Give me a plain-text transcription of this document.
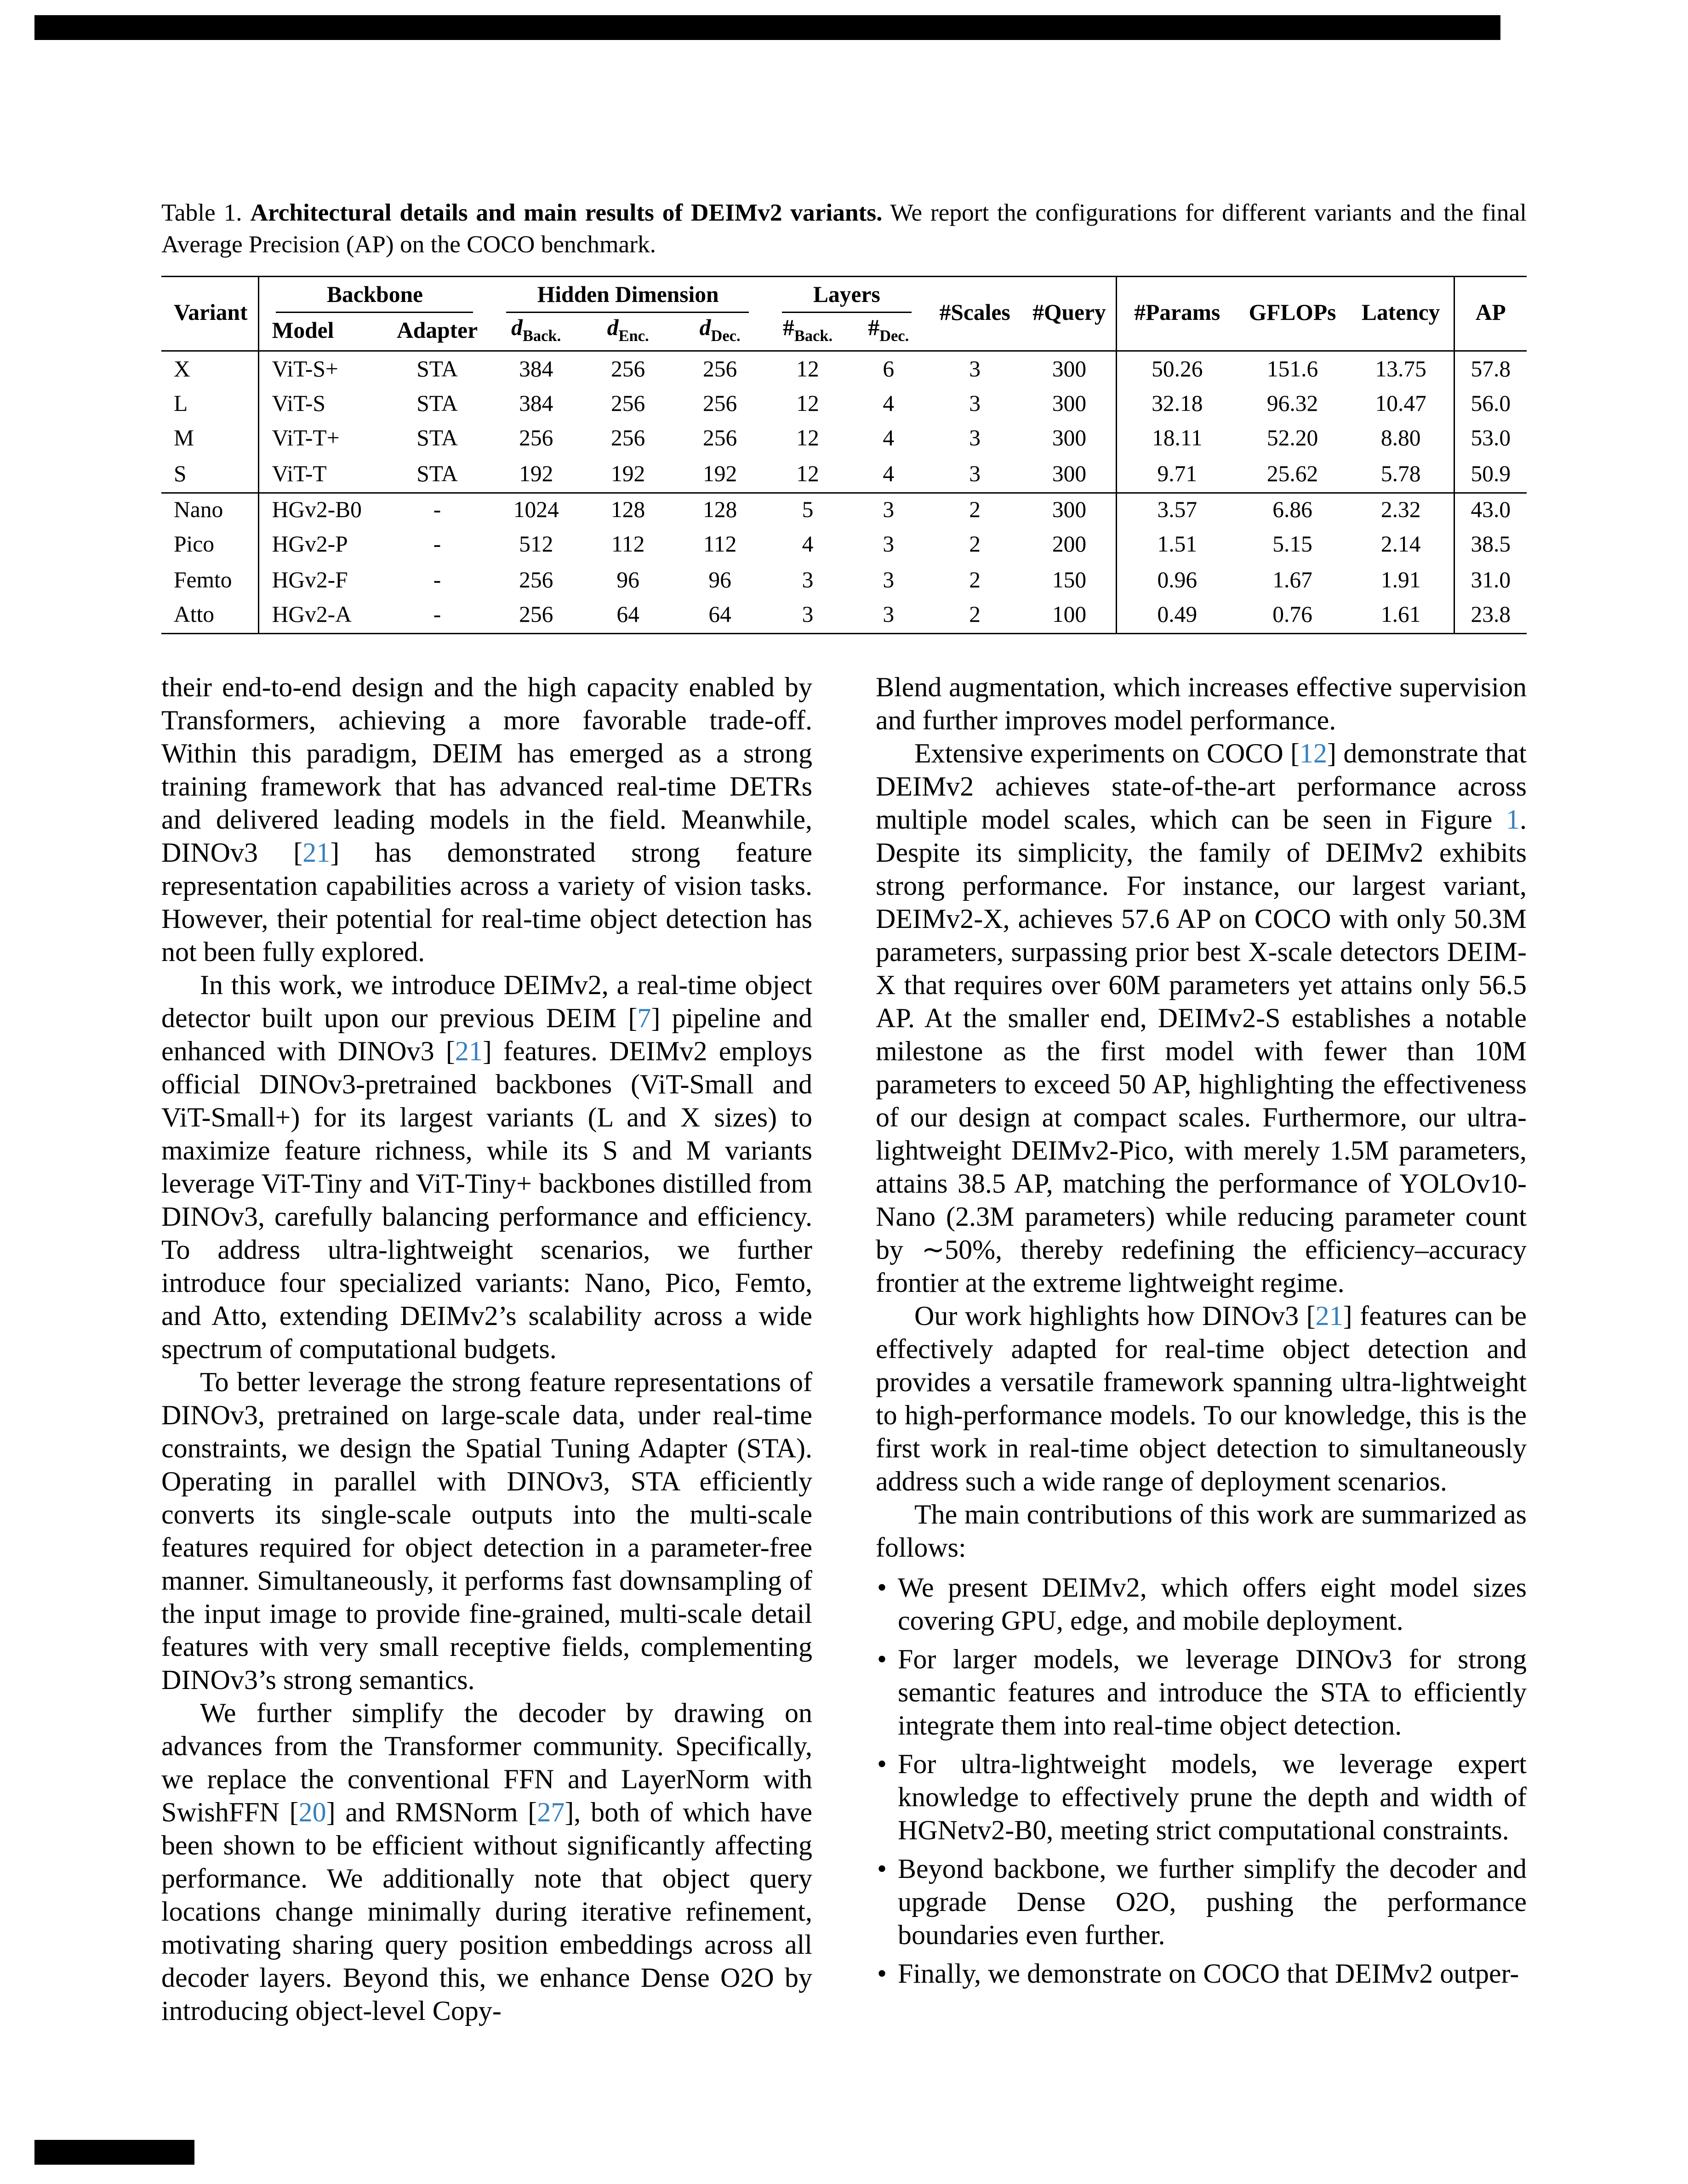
Table 1. Architectural details and main results of DEIMv2 variants. We report the configurations for different variants and the final Average Precision (AP) on the COCO benchmark.
Variant	Backbone		Hidden Dimension			Layers		#Scales	#Query	#Params	GFLOPs	Latency	AP
	Model	Adapter	$d_{Back.}$	$d_{Enc.}$	$d_{Dec.}$	$\#_{Back.}$	$\#_{Dec.}$
X	ViT-S+	STA	384	256	256	12	6	3	300	50.26	151.6	13.75	57.8
L	ViT-S	STA	384	256	256	12	4	3	300	32.18	96.32	10.47	56.0
M	ViT-T+	STA	256	256	256	12	4	3	300	18.11	52.20	8.80	53.0
S	ViT-T	STA	192	192	192	12	4	3	300	9.71	25.62	5.78	50.9
Nano	HGv2-B0	-	1024	128	128	5	3	2	300	3.57	6.86	2.32	43.0
Pico	HGv2-P	-	512	112	112	4	3	2	200	1.51	5.15	2.14	38.5
Femto	HGv2-F	-	256	96	96	3	3	2	150	0.96	1.67	1.91	31.0
Atto	HGv2-A	-	256	64	64	3	3	2	100	0.49	0.76	1.61	23.8

their end-to-end design and the high capacity enabled by Transformers, achieving a more favorable trade-off. Within this paradigm, DEIM has emerged as a strong training framework that has advanced real-time DETRs and delivered leading models in the field. Meanwhile, DINOv3 [21] has demonstrated strong feature representation capabilities across a variety of vision tasks. However, their potential for real-time object detection has not been fully explored.

In this work, we introduce DEIMv2, a real-time object detector built upon our previous DEIM [7] pipeline and enhanced with DINOv3 [21] features. DEIMv2 employs official DINOv3-pretrained backbones (ViT-Small and ViT-Small+) for its largest variants (L and X sizes) to maximize feature richness, while its S and M variants leverage ViT-Tiny and ViT-Tiny+ backbones distilled from DINOv3, carefully balancing performance and efficiency. To address ultra-lightweight scenarios, we further introduce four specialized variants: Nano, Pico, Femto, and Atto, extending DEIMv2’s scalability across a wide spectrum of computational budgets.

To better leverage the strong feature representations of DINOv3, pretrained on large-scale data, under real-time constraints, we design the Spatial Tuning Adapter (STA). Operating in parallel with DINOv3, STA efficiently converts its single-scale outputs into the multi-scale features required for object detection in a parameter-free manner. Simultaneously, it performs fast downsampling of the input image to provide fine-grained, multi-scale detail features with very small receptive fields, complementing DINOv3’s strong semantics.

We further simplify the decoder by drawing on advances from the Transformer community. Specifically, we replace the conventional FFN and LayerNorm with SwishFFN [20] and RMSNorm [27], both of which have been shown to be efficient without significantly affecting performance. We additionally note that object query locations change minimally during iterative refinement, motivating sharing query position embeddings across all decoder layers. Beyond this, we enhance Dense O2O by introducing object-level Copy-

Blend augmentation, which increases effective supervision and further improves model performance.

Extensive experiments on COCO [12] demonstrate that DEIMv2 achieves state-of-the-art performance across multiple model scales, which can be seen in Figure 1. Despite its simplicity, the family of DEIMv2 exhibits strong performance. For instance, our largest variant, DEIMv2-X, achieves 57.6 AP on COCO with only 50.3M parameters, surpassing prior best X-scale detectors DEIM-X that requires over 60M parameters yet attains only 56.5 AP. At the smaller end, DEIMv2-S establishes a notable milestone as the first model with fewer than 10M parameters to exceed 50 AP, highlighting the effectiveness of our design at compact scales. Furthermore, our ultra-lightweight DEIMv2-Pico, with merely 1.5M parameters, attains 38.5 AP, matching the performance of YOLOv10-Nano (2.3M parameters) while reducing parameter count by ∼50%, thereby redefining the efficiency–accuracy frontier at the extreme lightweight regime.

Our work highlights how DINOv3 [21] features can be effectively adapted for real-time object detection and provides a versatile framework spanning ultra-lightweight to high-performance models. To our knowledge, this is the first work in real-time object detection to simultaneously address such a wide range of deployment scenarios.

The main contributions of this work are summarized as follows:

• We present DEIMv2, which offers eight model sizes covering GPU, edge, and mobile deployment.
• For larger models, we leverage DINOv3 for strong semantic features and introduce the STA to efficiently integrate them into real-time object detection.
• For ultra-lightweight models, we leverage expert knowledge to effectively prune the depth and width of HGNetv2-B0, meeting strict computational constraints.
• Beyond backbone, we further simplify the decoder and upgrade Dense O2O, pushing the performance boundaries even further.
• Finally, we demonstrate on COCO that DEIMv2 outper-
